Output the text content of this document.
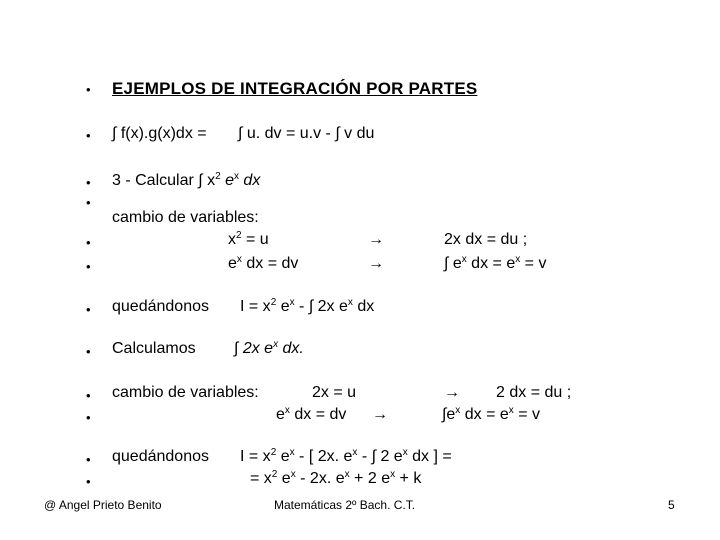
• EJEMPLOS DE INTEGRACIÓN POR PARTES
• ∫ f(x).g(x)dx = ∫ u. dv = u.v - ∫ v du
• 3 - Calcular ∫ $x^2$ $e^x$ dx
•
cambio de variables:
•	$x^2 = u$	→	2x dx = du ;
•	$e^x$ dx = dv	→	∫ $e^x$ dx = $e^x = v$
• quedándonos $I = x^2$ $e^x$ - ∫ 2x $e^x$ dx
• Calculamos ∫ 2x $e^x$ dx.
• cambio de variables:	2x = u	→ 2 dx = du ;
•	$e^x$ dx = dv →	$\int e^x$ dx = $e^x = v$
• quedándonos $I = x^2$ $e^x$ - [ 2x. $e^x$ - ∫ 2 $e^x$ dx ] =
•	= $x^2$ $e^x - 2x$. $e^x + 2$ $e^x + k$
@ Angel Prieto Benito	Matemáticas 2º Bach. C.T.	5
